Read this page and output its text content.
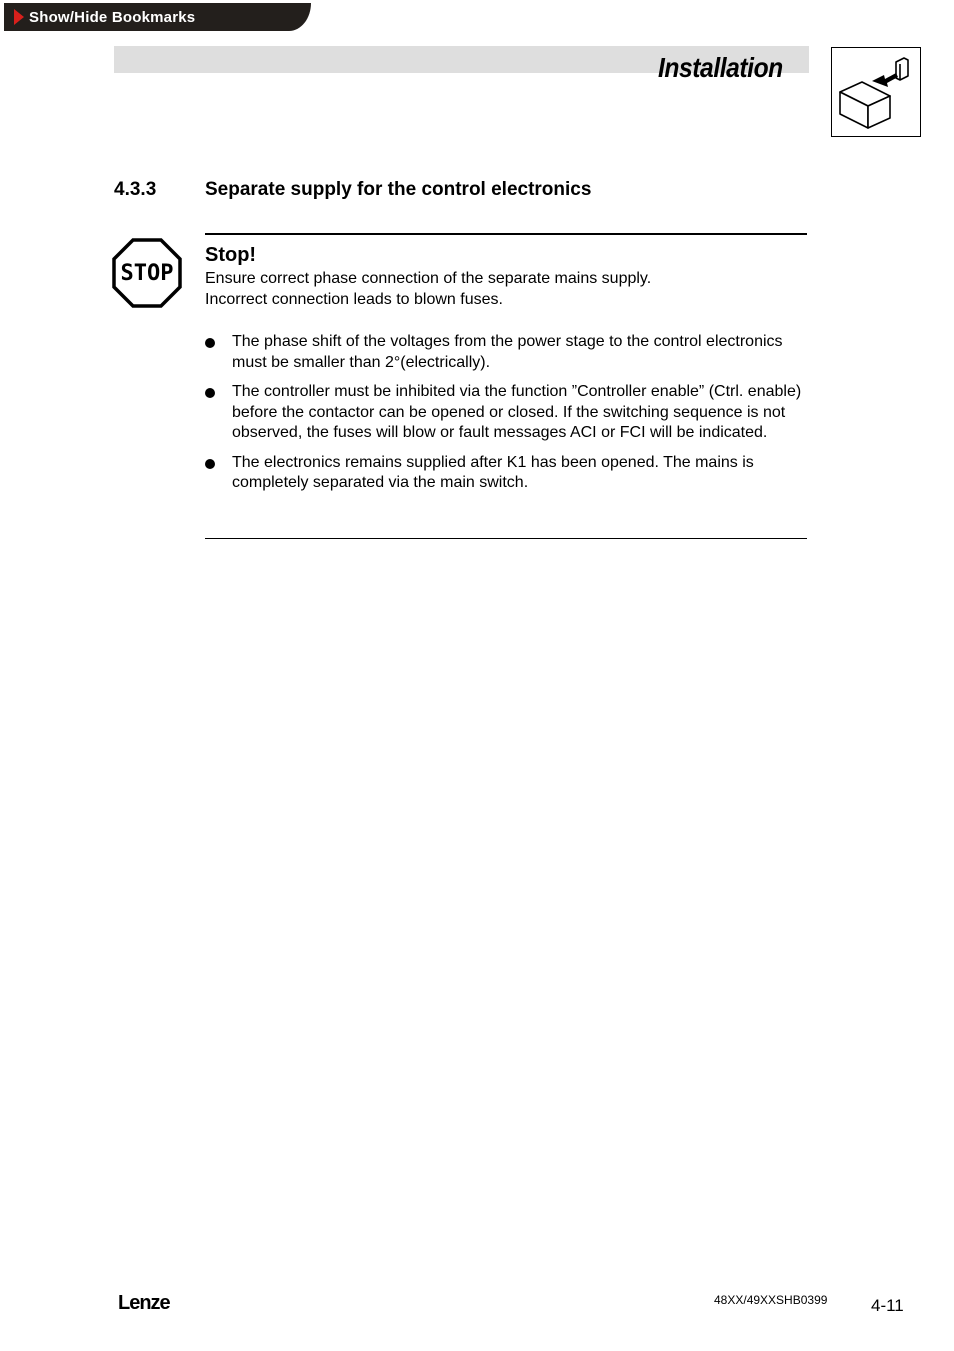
Show/Hide Bookmarks
Installation
4.3.3	Separate supply for the control electronics
STOP
Stop!
Ensure correct phase connection of the separate mains supply.
Incorrect connection leads to blown fuses.
The phase shift of the voltages from the power stage to the control electronics must be smaller than 2°(electrically).
The controller must be inhibited via the function ”Controller enable” (Ctrl. enable) before the contactor can be opened or closed. If the switching sequence is not observed, the fuses will blow or fault messages ACI or FCI will be indicated.
The electronics remains supplied after K1 has been opened. The mains is completely separated via the main switch.
Lenze	48XX/49XXSHB0399	4-11
